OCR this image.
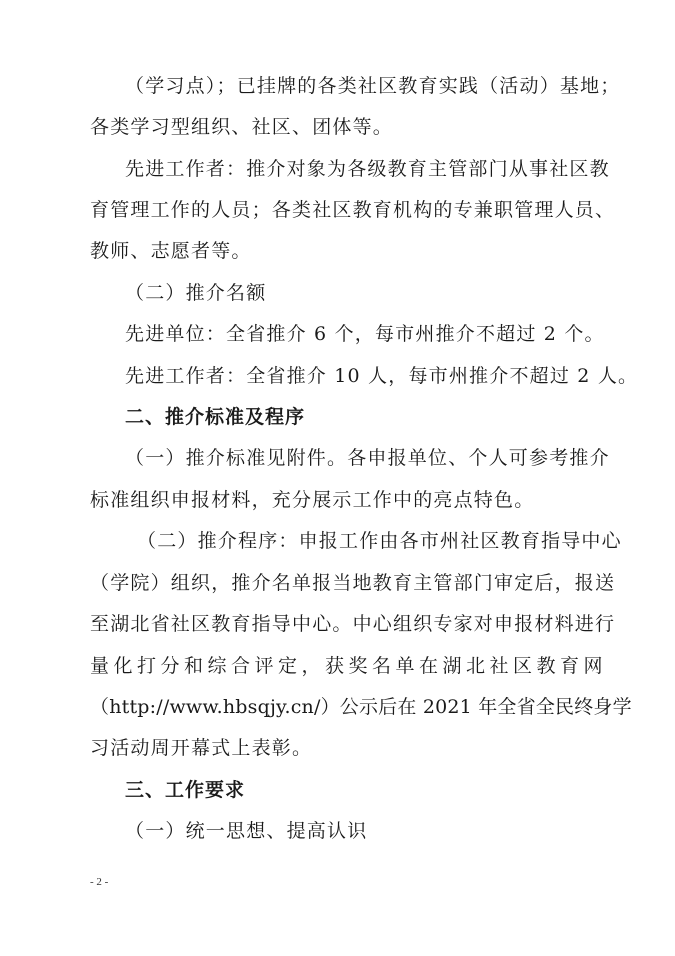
（学习点）；已挂牌的各类社区教育实践（活动）基地；
各类学习型组织、社区、团体等。
先进工作者：推介对象为各级教育主管部门从事社区教
育管理工作的人员；各类社区教育机构的专兼职管理人员、
教师、志愿者等。
（二）推介名额
先进单位：全省推介 6 个，每市州推介不超过 2 个。
先进工作者：全省推介 10 人，每市州推介不超过 2 人。
二、推介标准及程序
（一）推介标准见附件。各申报单位、个人可参考推介
标准组织申报材料，充分展示工作中的亮点特色。
（二）推介程序：申报工作由各市州社区教育指导中心
（学院）组织，推介名单报当地教育主管部门审定后，报送
至湖北省社区教育指导中心。中心组织专家对申报材料进行
量化打分和综合评定，获奖名单在湖北社区教育网
（http://www.hbsqjy.cn/）公示后在 2021 年全省全民终身学
习活动周开幕式上表彰。
三、工作要求
（一）统一思想、提高认识
- 2 -
